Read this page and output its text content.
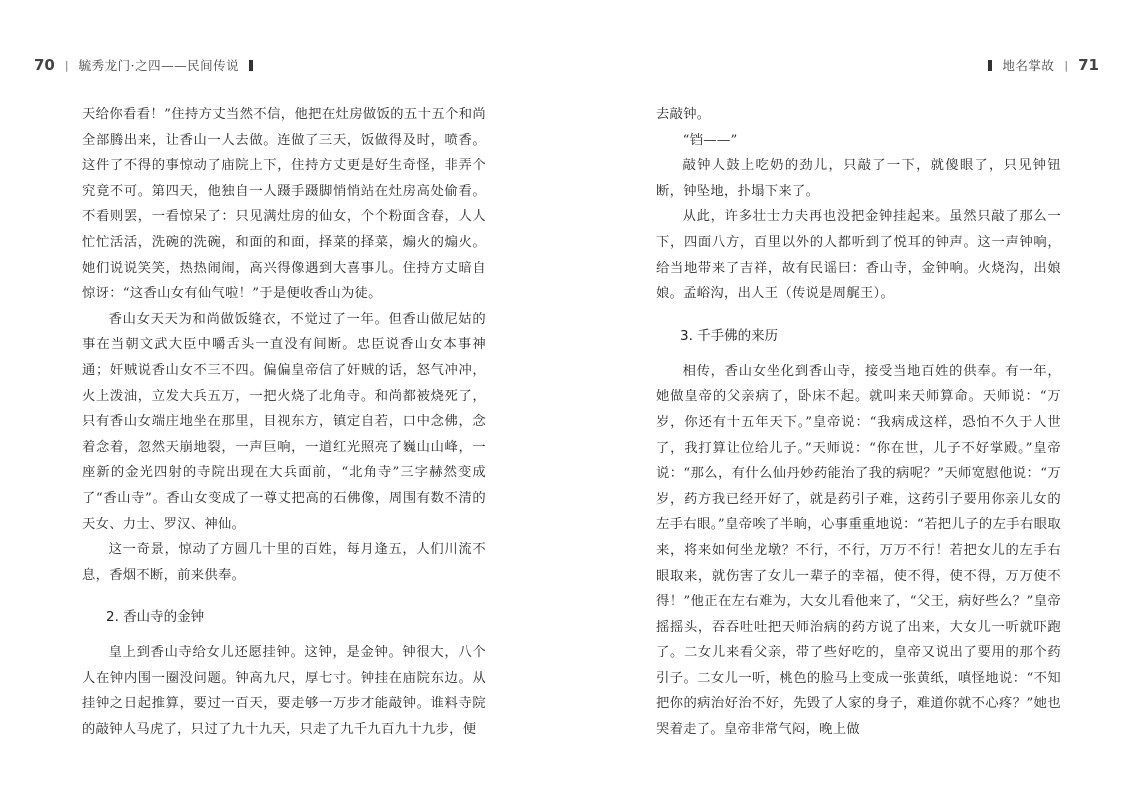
70 | 毓秀龙门·之四——民间传说

天给你看看！”住持方丈当然不信，他把在灶房做饭的五十五个和尚全部腾出来，让香山一人去做。连做了三天，饭做得及时，喷香。这件了不得的事惊动了庙院上下，住持方丈更是好生奇怪，非弄个究竟不可。第四天，他独自一人蹑手蹑脚悄悄站在灶房高处偷看。不看则罢，一看惊呆了：只见满灶房的仙女，个个粉面含春，人人忙忙活活，洗碗的洗碗，和面的和面，择菜的择菜，煽火的煽火。她们说说笑笑，热热闹闹，高兴得像遇到大喜事儿。住持方丈暗自惊讶：“这香山女有仙气啦！”于是便收香山为徒。

香山女天天为和尚做饭缝衣，不觉过了一年。但香山做尼姑的事在当朝文武大臣中嚼舌头一直没有间断。忠臣说香山女本事神通；奸贼说香山女不三不四。偏偏皇帝信了奸贼的话，怒气冲冲，火上泼油，立发大兵五万，一把火烧了北角寺。和尚都被烧死了，只有香山女端庄地坐在那里，目视东方，镇定自若，口中念佛，念着念着，忽然天崩地裂，一声巨响，一道红光照亮了巍山山峰，一座新的金光四射的寺院出现在大兵面前，“北角寺”三字赫然变成了“香山寺”。香山女变成了一尊丈把高的石佛像，周围有数不清的天女、力士、罗汉、神仙。

这一奇景，惊动了方圆几十里的百姓，每月逢五，人们川流不息，香烟不断，前来供奉。

2. 香山寺的金钟

皇上到香山寺给女儿还愿挂钟。这钟，是金钟。钟很大，八个人在钟内围一圈没问题。钟高九尺，厚七寸。钟挂在庙院东边。从挂钟之日起推算，要过一百天，要走够一万步才能敲钟。谁料寺院的敲钟人马虎了，只过了九十九天，只走了九千九百九十九步，便

地名掌故 | 71

去敲钟。

“铛——”

敲钟人鼓上吃奶的劲儿，只敲了一下，就傻眼了，只见钟钮断，钟坠地，扑塌下来了。

从此，许多壮士力夫再也没把金钟挂起来。虽然只敲了那么一下，四面八方，百里以外的人都听到了悦耳的钟声。这一声钟响，给当地带来了吉祥，故有民谣曰：香山寺，金钟响。火烧沟，出娘娘。孟峪沟，出人王（传说是周艉王）。

3. 千手佛的来历

相传，香山女坐化到香山寺，接受当地百姓的供奉。有一年，她做皇帝的父亲病了，卧床不起。就叫来天师算命。天师说：“万岁，你还有十五年天下。”皇帝说：“我病成这样，恐怕不久于人世了，我打算让位给儿子。”天师说：“你在世，儿子不好掌殿。”皇帝说：“那么，有什么仙丹妙药能治了我的病呢？”天师宽慰他说：“万岁，药方我已经开好了，就是药引子难，这药引子要用你亲儿女的左手右眼。”皇帝唉了半晌，心事重重地说：“若把儿子的左手右眼取来，将来如何坐龙墩？不行，不行，万万不行！若把女儿的左手右眼取来，就伤害了女儿一辈子的幸福，使不得，使不得，万万使不得！”他正在左右难为，大女儿看他来了，“父王，病好些么？”皇帝摇摇头，吞吞吐吐把天师治病的药方说了出来，大女儿一听就吓跑了。二女儿来看父亲，带了些好吃的，皇帝又说出了要用的那个药引子。二女儿一听，桃色的脸马上变成一张黄纸，嗔怪地说：“不知把你的病治好治不好，先毁了人家的身子，难道你就不心疼？”她也哭着走了。皇帝非常气闷，晚上做
